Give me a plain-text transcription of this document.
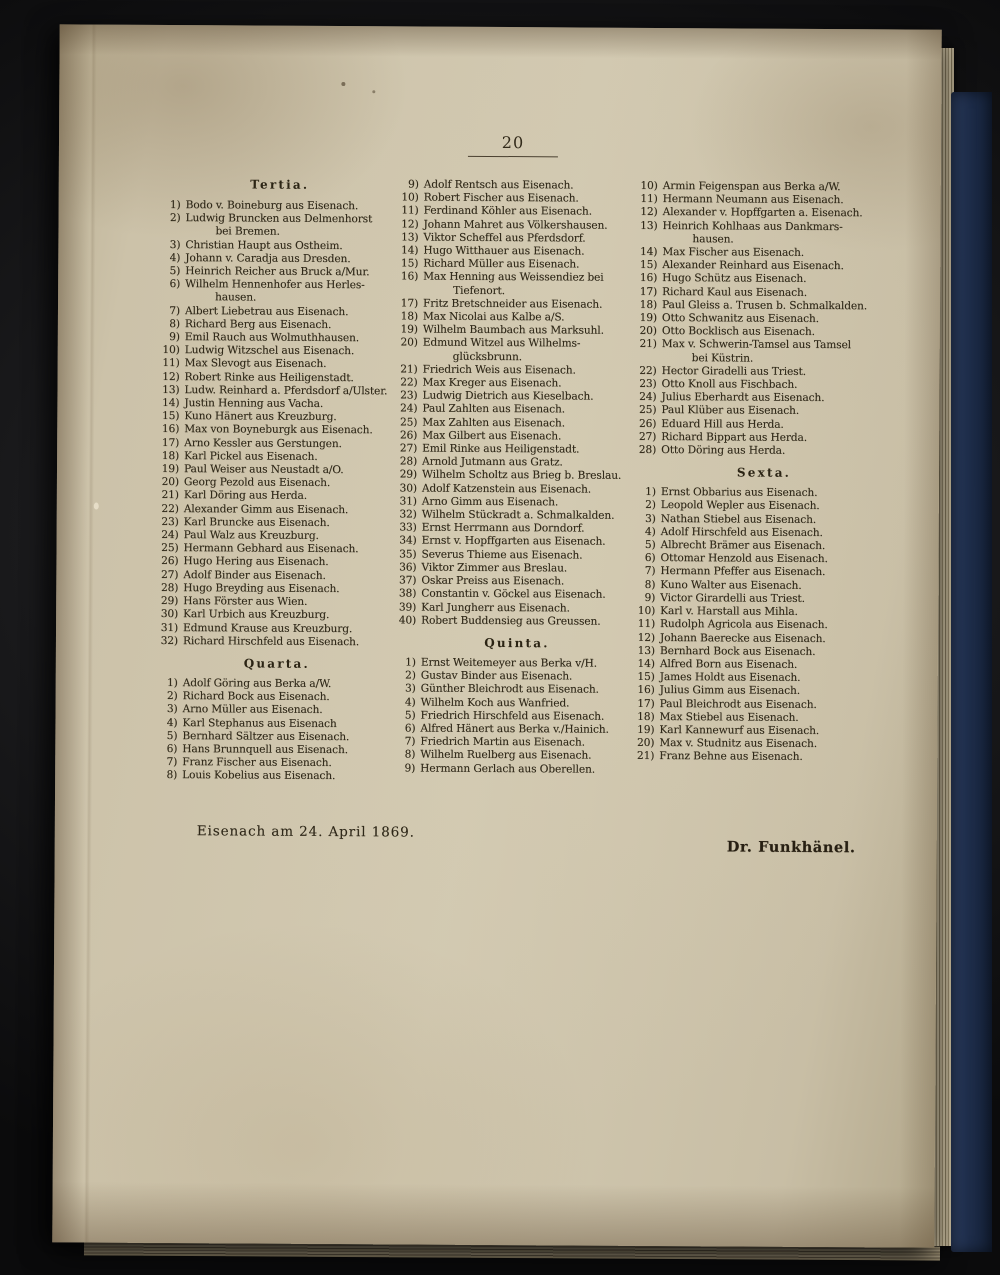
20
Tertia.
1) Bodo v. Boineburg aus Eisenach.
2) Ludwig Bruncken aus Delmenhorst
bei Bremen.
3) Christian Haupt aus Ostheim.
4) Johann v. Caradja aus Dresden.
5) Heinrich Reicher aus Bruck a/Mur.
6) Wilhelm Hennenhofer aus Herles-
hausen.
7) Albert Liebetrau aus Eisenach.
8) Richard Berg aus Eisenach.
9) Emil Rauch aus Wolmuthhausen.
10) Ludwig Witzschel aus Eisenach.
11) Max Slevogt aus Eisenach.
12) Robert Rinke aus Heiligenstadt.
13) Ludw. Reinhard a. Pferdsdorf a/Ulster.
14) Justin Henning aus Vacha.
15) Kuno Hänert aus Kreuzburg.
16) Max von Boyneburgk aus Eisenach.
17) Arno Kessler aus Gerstungen.
18) Karl Pickel aus Eisenach.
19) Paul Weiser aus Neustadt a/O.
20) Georg Pezold aus Eisenach.
21) Karl Döring aus Herda.
22) Alexander Gimm aus Eisenach.
23) Karl Bruncke aus Eisenach.
24) Paul Walz aus Kreuzburg.
25) Hermann Gebhard aus Eisenach.
26) Hugo Hering aus Eisenach.
27) Adolf Binder aus Eisenach.
28) Hugo Breyding aus Eisenach.
29) Hans Förster aus Wien.
30) Karl Urbich aus Kreuzburg.
31) Edmund Krause aus Kreuzburg.
32) Richard Hirschfeld aus Eisenach.
Quarta.
1) Adolf Göring aus Berka a/W.
2) Richard Bock aus Eisenach.
3) Arno Müller aus Eisenach.
4) Karl Stephanus aus Eisenach
5) Bernhard Sältzer aus Eisenach.
6) Hans Brunnquell aus Eisenach.
7) Franz Fischer aus Eisenach.
8) Louis Kobelius aus Eisenach.
9) Adolf Rentsch aus Eisenach.
10) Robert Fischer aus Eisenach.
11) Ferdinand Köhler aus Eisenach.
12) Johann Mahret aus Völkershausen.
13) Viktor Scheffel aus Pferdsdorf.
14) Hugo Witthauer aus Eisenach.
15) Richard Müller aus Eisenach.
16) Max Henning aus Weissendiez bei
Tiefenort.
17) Fritz Bretschneider aus Eisenach.
18) Max Nicolai aus Kalbe a/S.
19) Wilhelm Baumbach aus Marksuhl.
20) Edmund Witzel aus Wilhelms-
glücksbrunn.
21) Friedrich Weis aus Eisenach.
22) Max Kreger aus Eisenach.
23) Ludwig Dietrich aus Kieselbach.
24) Paul Zahlten aus Eisenach.
25) Max Zahlten aus Eisenach.
26) Max Gilbert aus Eisenach.
27) Emil Rinke aus Heiligenstadt.
28) Arnold Jutmann aus Gratz.
29) Wilhelm Scholtz aus Brieg b. Breslau.
30) Adolf Katzenstein aus Eisenach.
31) Arno Gimm aus Eisenach.
32) Wilhelm Stückradt a. Schmalkalden.
33) Ernst Herrmann aus Dorndorf.
34) Ernst v. Hopffgarten aus Eisenach.
35) Severus Thieme aus Eisenach.
36) Viktor Zimmer aus Breslau.
37) Oskar Preiss aus Eisenach.
38) Constantin v. Göckel aus Eisenach.
39) Karl Jungherr aus Eisenach.
40) Robert Buddensieg aus Greussen.
Quinta.
1) Ernst Weitemeyer aus Berka v/H.
2) Gustav Binder aus Eisenach.
3) Günther Bleichrodt aus Eisenach.
4) Wilhelm Koch aus Wanfried.
5) Friedrich Hirschfeld aus Eisenach.
6) Alfred Hänert aus Berka v./Hainich.
7) Friedrich Martin aus Eisenach.
8) Wilhelm Ruelberg aus Eisenach.
9) Hermann Gerlach aus Oberellen.
10) Armin Feigenspan aus Berka a/W.
11) Hermann Neumann aus Eisenach.
12) Alexander v. Hopffgarten a. Eisenach.
13) Heinrich Kohlhaas aus Dankmars-
hausen.
14) Max Fischer aus Eisenach.
15) Alexander Reinhard aus Eisenach.
16) Hugo Schütz aus Eisenach.
17) Richard Kaul aus Eisenach.
18) Paul Gleiss a. Trusen b. Schmalkalden.
19) Otto Schwanitz aus Eisenach.
20) Otto Bocklisch aus Eisenach.
21) Max v. Schwerin-Tamsel aus Tamsel
bei Küstrin.
22) Hector Giradelli aus Triest.
23) Otto Knoll aus Fischbach.
24) Julius Eberhardt aus Eisenach.
25) Paul Klüber aus Eisenach.
26) Eduard Hill aus Herda.
27) Richard Bippart aus Herda.
28) Otto Döring aus Herda.
Sexta.
1) Ernst Obbarius aus Eisenach.
2) Leopold Wepler aus Eisenach.
3) Nathan Stiebel aus Eisenach.
4) Adolf Hirschfeld aus Eisenach.
5) Albrecht Brämer aus Eisenach.
6) Ottomar Henzold aus Eisenach.
7) Hermann Pfeffer aus Eisenach.
8) Kuno Walter aus Eisenach.
9) Victor Girardelli aus Triest.
10) Karl v. Harstall aus Mihla.
11) Rudolph Agricola aus Eisenach.
12) Johann Baerecke aus Eisenach.
13) Bernhard Bock aus Eisenach.
14) Alfred Born aus Eisenach.
15) James Holdt aus Eisenach.
16) Julius Gimm aus Eisenach.
17) Paul Bleichrodt aus Eisenach.
18) Max Stiebel aus Eisenach.
19) Karl Kannewurf aus Eisenach.
20) Max v. Studnitz aus Eisenach.
21) Franz Behne aus Eisenach.
Eisenach am 24. April 1869.
Dr. Funkhänel.
